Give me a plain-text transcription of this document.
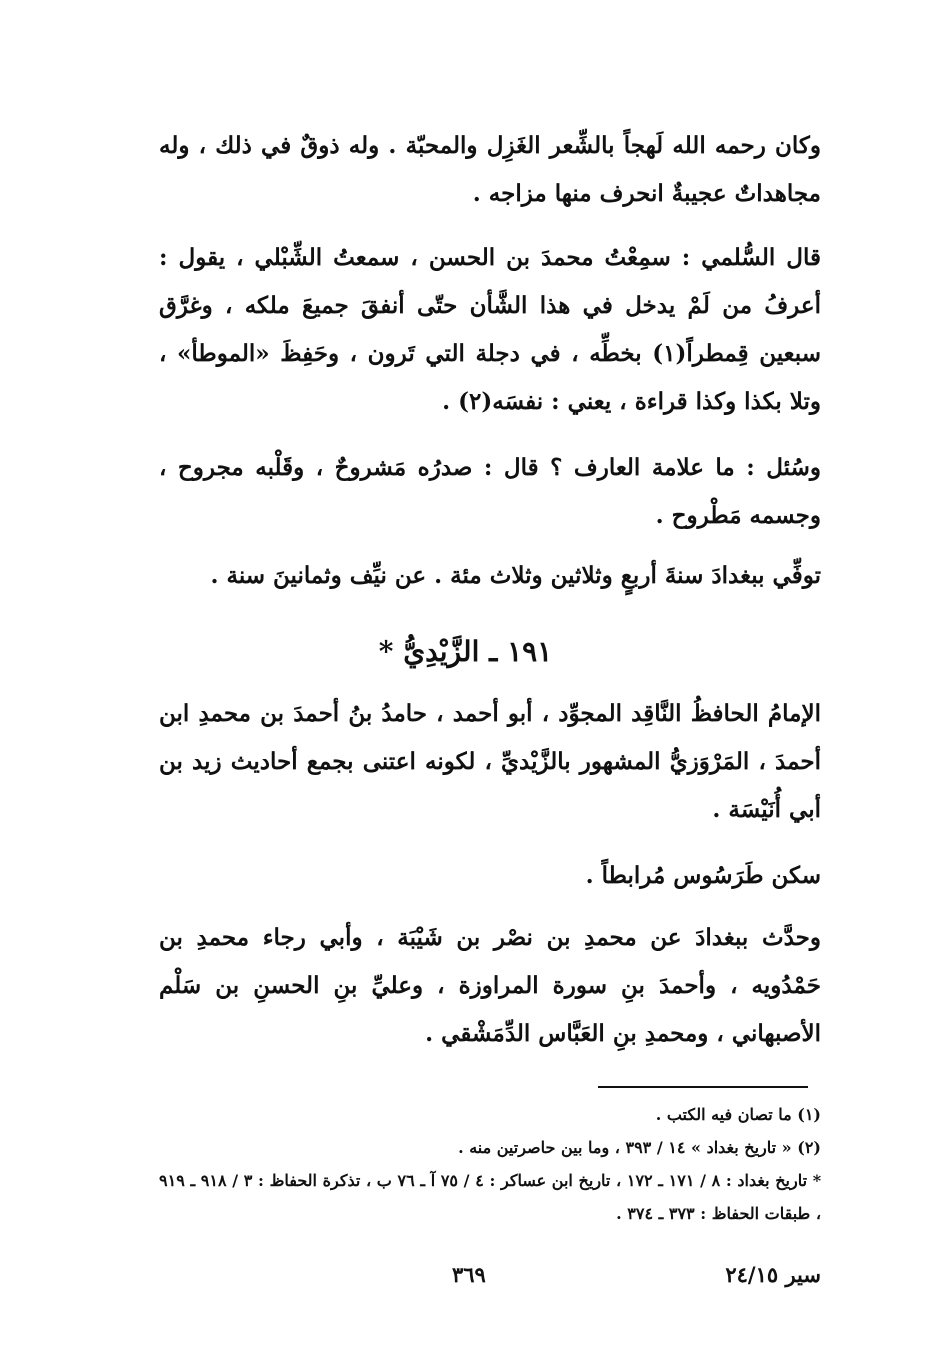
وكان رحمه الله لَهجاً بالشِّعر الغَزِل والمحبّة . وله ذوقٌ في ذلك ، وله مجاهداتٌ عجيبةٌ انحرف منها مزاجه .

قال السُّلمي : سمِعْتُ محمدَ بن الحسن ، سمعتُ الشِّبْلي ، يقول : أعرفُ من لَمْ يدخل في هذا الشَّأن حتّى أنفقَ جميعَ ملكه ، وغرَّق سبعين قِمطراً(١) بخطِّه ، في دجلة التي تَرون ، وحَفِظَ «الموطأ» ، وتلا بكذا وكذا قراءة ، يعني : نفسَه(٢) .

وسُئل : ما علامة العارف ؟ قال : صدرُه مَشروحٌ ، وقَلْبه مجروح ، وجسمه مَطْروح .

توفِّي ببغدادَ سنةَ أربعٍ وثلاثين وثلاث مئة . عن نيِّف وثمانينَ سنة .

١٩١ ـ الزَّيْدِيُّ *

الإمامُ الحافظُ النَّاقِد المجوِّد ، أبو أحمد ، حامدُ بنُ أحمدَ بن محمدِ ابن أحمدَ ، المَرْوَزيُّ المشهور بالزَّيْديِّ ، لكونه اعتنى بجمع أحاديث زيد بن أبي أُنَيْسَة .

سكن طَرَسُوس مُرابطاً .

وحدَّث ببغدادَ عن محمدِ بن نصْر بن شَيْبَة ، وأبي رجاء محمدِ بن حَمْدُويه ، وأحمدَ بنِ سورة المراوزة ، وعليِّ بنِ الحسنِ بن سَلْم الأصبهاني ، ومحمدِ بنِ العَبَّاس الدِّمَشْقي .

(١) ما تصان فيه الكتب .

(٢) « تاريخ بغداد » ١٤ / ٣٩٣ ، وما بين حاصرتين منه .

* تاريخ بغداد : ٨ / ١٧١ ـ ١٧٢ ، تاريخ ابن عساكر : ٤ / ٧٥ آ ـ ٧٦ ب ، تذكرة الحفاظ : ٣ / ٩١٨ ـ ٩١٩ ، طبقات الحفاظ : ٣٧٣ ـ ٣٧٤ .

٣٦٩	سير ٢٤/١٥
